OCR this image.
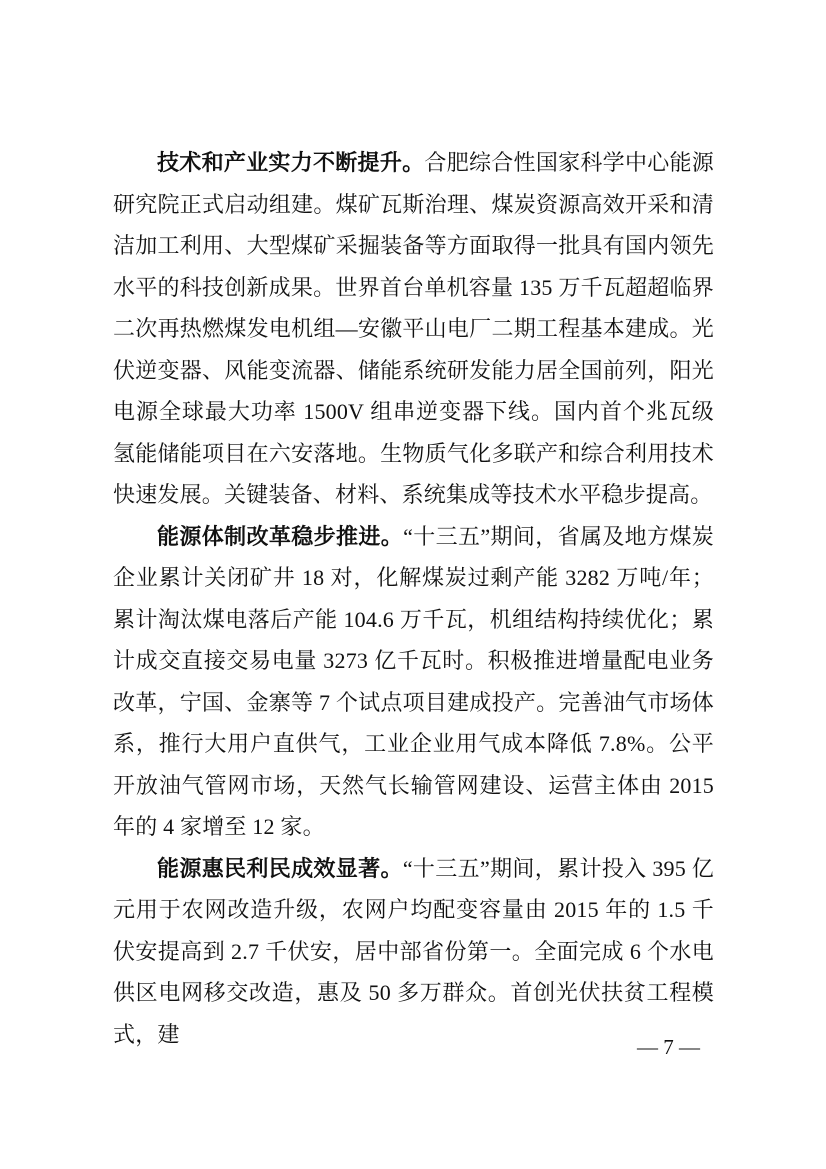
技术和产业实力不断提升。合肥综合性国家科学中心能源研究院正式启动组建。煤矿瓦斯治理、煤炭资源高效开采和清洁加工利用、大型煤矿采掘装备等方面取得一批具有国内领先水平的科技创新成果。世界首台单机容量 135 万千瓦超超临界二次再热燃煤发电机组—安徽平山电厂二期工程基本建成。光伏逆变器、风能变流器、储能系统研发能力居全国前列，阳光电源全球最大功率 1500V 组串逆变器下线。国内首个兆瓦级氢能储能项目在六安落地。生物质气化多联产和综合利用技术快速发展。关键装备、材料、系统集成等技术水平稳步提高。

能源体制改革稳步推进。“十三五”期间，省属及地方煤炭企业累计关闭矿井 18 对，化解煤炭过剩产能 3282 万吨/年；累计淘汰煤电落后产能 104.6 万千瓦，机组结构持续优化；累计成交直接交易电量 3273 亿千瓦时。积极推进增量配电业务改革，宁国、金寨等 7 个试点项目建成投产。完善油气市场体系，推行大用户直供气，工业企业用气成本降低 7.8%。公平开放油气管网市场，天然气长输管网建设、运营主体由 2015 年的 4 家增至 12 家。

能源惠民利民成效显著。“十三五”期间，累计投入 395 亿元用于农网改造升级，农网户均配变容量由 2015 年的 1.5 千伏安提高到 2.7 千伏安，居中部省份第一。全面完成 6 个水电供区电网移交改造，惠及 50 多万群众。首创光伏扶贫工程模式，建

— 7 —
